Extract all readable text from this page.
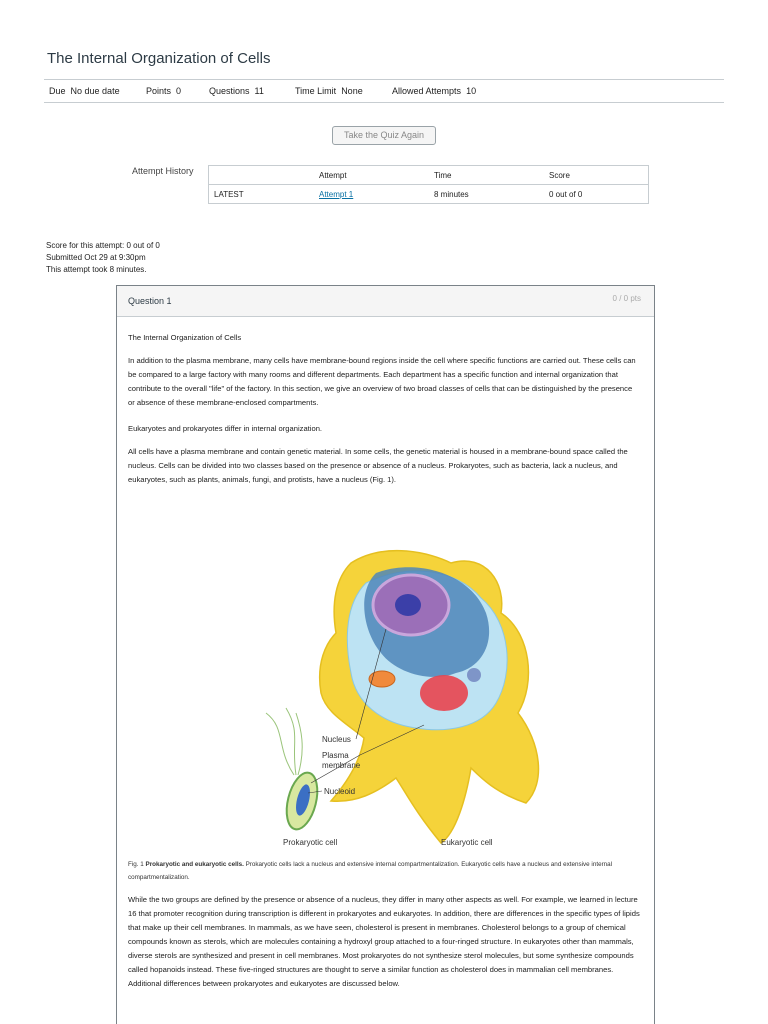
The Internal Organization of Cells
Due No due date	Points 0	Questions 11	Time Limit None	Allowed Attempts 10
Take the Quiz Again
Attempt History
		Attempt	Time	Score
LATEST	Attempt 1	8 minutes	0 out of 0
Score for this attempt: 0 out of 0
Submitted Oct 29 at 9:30pm
This attempt took 8 minutes.
Question 1	0 / 0 pts

The Internal Organization of Cells

In addition to the plasma membrane, many cells have membrane-bound regions inside the cell where specific functions are carried out. These cells can be compared to a large factory with many rooms and different departments. Each department has a specific function and internal organization that contribute to the overall "life" of the factory. In this section, we give an overview of two broad classes of cells that can be distinguished by the presence or absence of these membrane-enclosed compartments.

Eukaryotes and prokaryotes differ in internal organization.

All cells have a plasma membrane and contain genetic material. In some cells, the genetic material is housed in a membrane-bound space called the nucleus. Cells can be divided into two classes based on the presence or absence of a nucleus. Prokaryotes, such as bacteria, lack a nucleus, and eukaryotes, such as plants, animals, fungi, and protists, have a nucleus (Fig. 1).

Nucleus
Plasma
membrane
Nucleoid
Prokaryotic cell	Eukaryotic cell
Fig. 1 Prokaryotic and eukaryotic cells. Prokaryotic cells lack a nucleus and extensive internal compartmentalization. Eukaryotic cells have a nucleus and extensive internal compartmentalization.
While the two groups are defined by the presence or absence of a nucleus, they differ in many other aspects as well. For example, we learned in lecture 16 that promoter recognition during transcription is different in prokaryotes and eukaryotes. In addition, there are differences in the specific types of lipids that make up their cell membranes. In mammals, as we have seen, cholesterol is present in membranes. Cholesterol belongs to a group of chemical compounds known as sterols, which are molecules containing a hydroxyl group attached to a four-ringed structure. In eukaryotes other than mammals, diverse sterols are synthesized and present in cell membranes. Most prokaryotes do not synthesize sterol molecules, but some synthesize compounds called hopanoids instead. These five-ringed structures are thought to serve a similar function as cholesterol does in mammalian cell membranes. Additional differences between prokaryotes and eukaryotes are discussed below.
